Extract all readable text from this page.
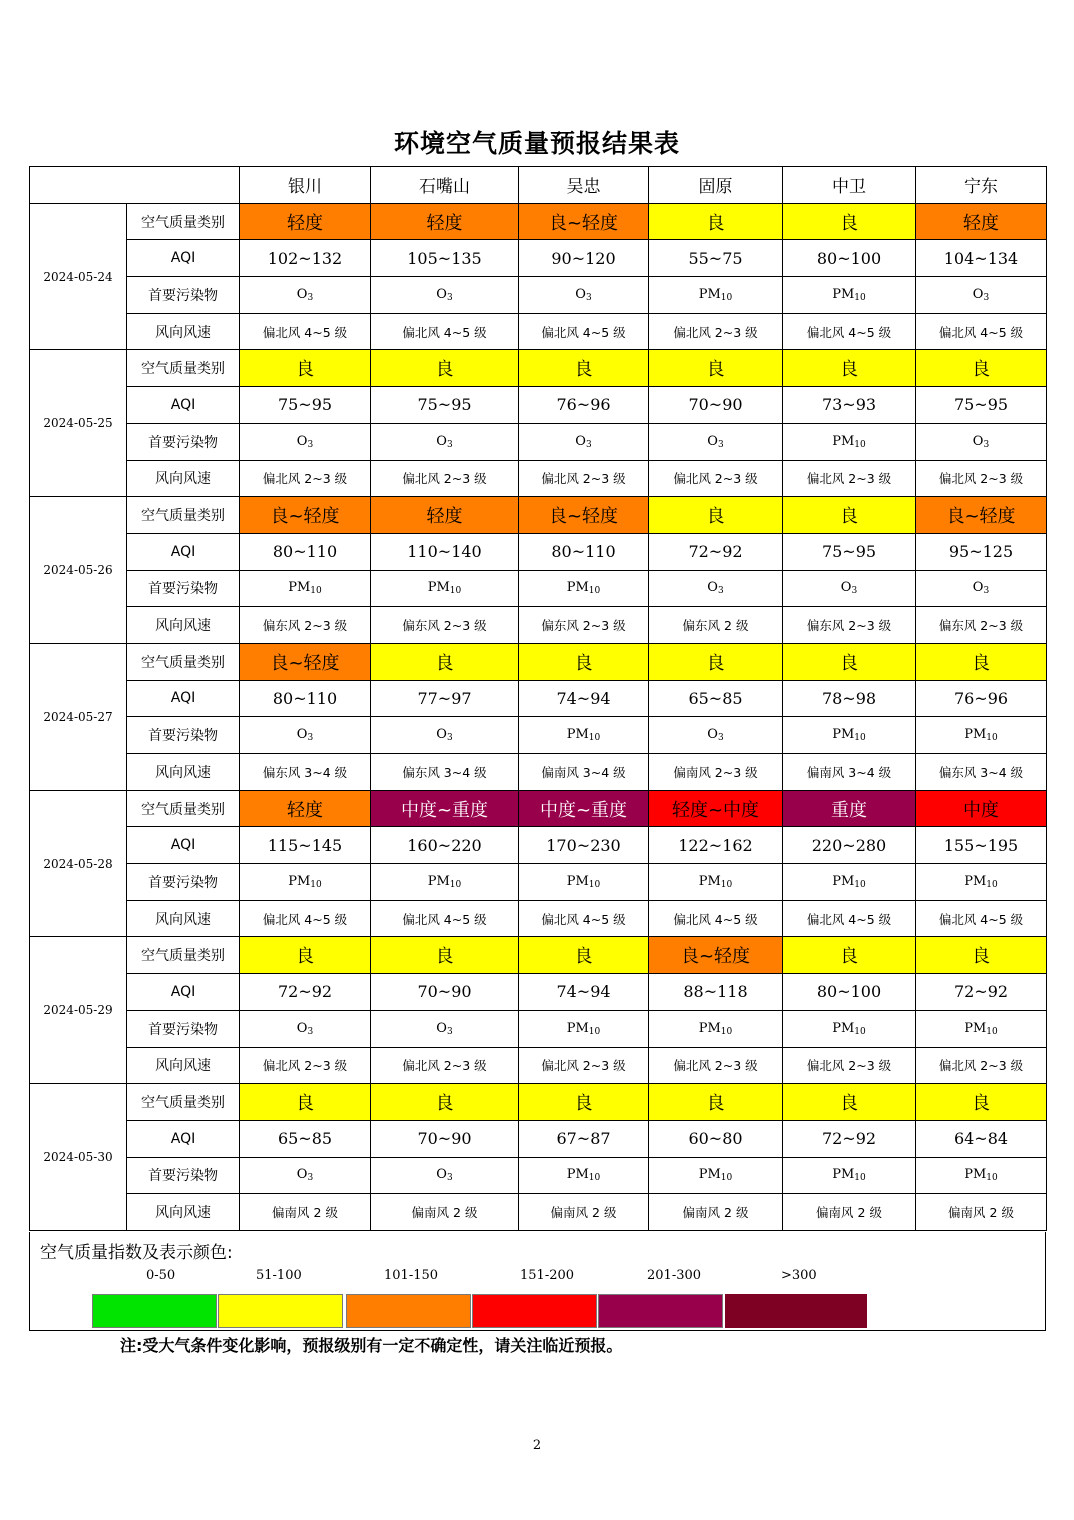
环境空气质量预报结果表
		银川	石嘴山	吴忠	固原	中卫	宁东
2024-05-24	空气质量类别	轻度	轻度	良~轻度	良	良	轻度
	AQI	102~132	105~135	90~120	55~75	80~100	104~134
	首要污染物	$O_3$	$O_3$	$O_3$	$PM_{10}$	$PM_{10}$	$O_3$
	风向风速	偏北风 4~5 级	偏北风 4~5 级	偏北风 4~5 级	偏北风 2~3 级	偏北风 4~5 级	偏北风 4~5 级
2024-05-25	空气质量类别	良	良	良	良	良	良
	AQI	75~95	75~95	76~96	70~90	73~93	75~95
	首要污染物	$O_3$	$O_3$	$O_3$	$O_3$	$PM_{10}$	$O_3$
	风向风速	偏北风 2~3 级	偏北风 2~3 级	偏北风 2~3 级	偏北风 2~3 级	偏北风 2~3 级	偏北风 2~3 级
2024-05-26	空气质量类别	良~轻度	轻度	良~轻度	良	良	良~轻度
	AQI	80~110	110~140	80~110	72~92	75~95	95~125
	首要污染物	$PM_{10}$	$PM_{10}$	$PM_{10}$	$O_3$	$O_3$	$O_3$
	风向风速	偏东风 2~3 级	偏东风 2~3 级	偏东风 2~3 级	偏东风 2 级	偏东风 2~3 级	偏东风 2~3 级
2024-05-27	空气质量类别	良~轻度	良	良	良	良	良
	AQI	80~110	77~97	74~94	65~85	78~98	76~96
	首要污染物	$O_3$	$O_3$	$PM_{10}$	$O_3$	$PM_{10}$	$PM_{10}$
	风向风速	偏东风 3~4 级	偏东风 3~4 级	偏南风 3~4 级	偏南风 2~3 级	偏南风 3~4 级	偏东风 3~4 级
2024-05-28	空气质量类别	轻度	中度~重度	中度~重度	轻度~中度	重度	中度
	AQI	115~145	160~220	170~230	122~162	220~280	155~195
	首要污染物	$PM_{10}$	$PM_{10}$	$PM_{10}$	$PM_{10}$	$PM_{10}$	$PM_{10}$
	风向风速	偏北风 4~5 级	偏北风 4~5 级	偏北风 4~5 级	偏北风 4~5 级	偏北风 4~5 级	偏北风 4~5 级
2024-05-29	空气质量类别	良	良	良	良~轻度	良	良
	AQI	72~92	70~90	74~94	88~118	80~100	72~92
	首要污染物	$O_3$	$O_3$	$PM_{10}$	$PM_{10}$	$PM_{10}$	$PM_{10}$
	风向风速	偏北风 2~3 级	偏北风 2~3 级	偏北风 2~3 级	偏北风 2~3 级	偏北风 2~3 级	偏北风 2~3 级
2024-05-30	空气质量类别	良	良	良	良	良	良
	AQI	65~85	70~90	67~87	60~80	72~92	64~84
	首要污染物	$O_3$	$O_3$	$PM_{10}$	$PM_{10}$	$PM_{10}$	$PM_{10}$
	风向风速	偏南风 2 级	偏南风 2 级	偏南风 2 级	偏南风 2 级	偏南风 2 级	偏南风 2 级
空气质量指数及表示颜色:
0-50	51-100	101-150	151-200	201-300	>300
注:受大气条件变化影响，预报级别有一定不确定性，请关注临近预报。
2
